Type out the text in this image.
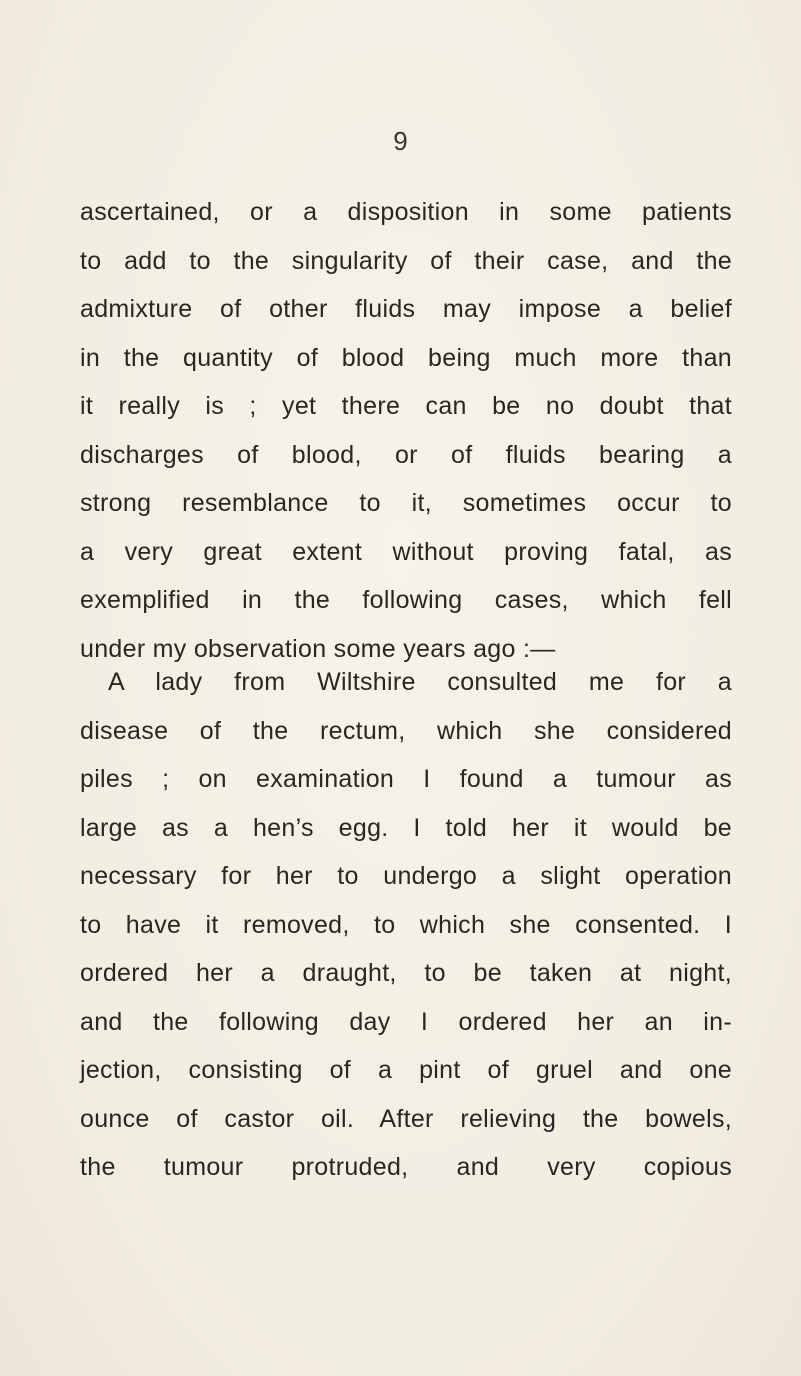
9
ascertained, or a disposition in some patients
to add to the singularity of their case, and the
admixture of other fluids may impose a belief
in the quantity of blood being much more than
it really is ; yet there can be no doubt that
discharges of blood, or of fluids bearing a
strong resemblance to it, sometimes occur to
a very great extent without proving fatal, as
exemplified in the following cases, which fell
under my observation some years ago :—
A lady from Wiltshire consulted me for a
disease of the rectum, which she considered
piles ; on examination I found a tumour as
large as a hen’s egg. I told her it would be
necessary for her to undergo a slight operation
to have it removed, to which she consented. I
ordered her a draught, to be taken at night,
and the following day I ordered her an in-
jection, consisting of a pint of gruel and one
ounce of castor oil. After relieving the bowels,
the tumour protruded, and very copious
